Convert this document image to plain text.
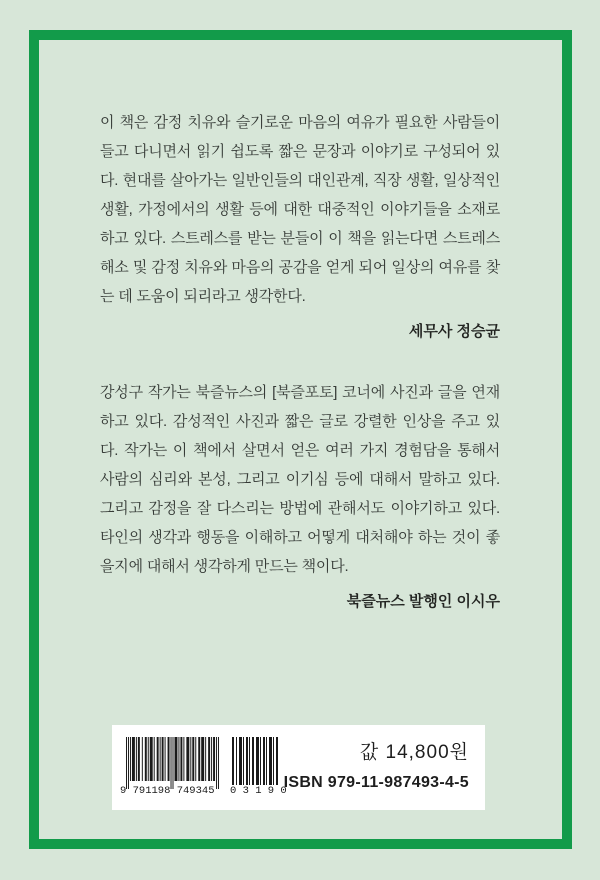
이 책은 감정 치유와 슬기로운 마음의 여유가 필요한 사람들이 들고 다니면서 읽기 쉽도록 짧은 문장과 이야기로 구성되어 있다. 현대를 살아가는 일반인들의 대인관계, 직장 생활, 일상적인 생활, 가정에서의 생활 등에 대한 대중적인 이야기들을 소재로 하고 있다. 스트레스를 받는 분들이 이 책을 읽는다면 스트레스 해소 및 감정 치유와 마음의 공감을 얻게 되어 일상의 여유를 찾는 데 도움이 되리라고 생각한다.

세무사 정승균

강성구 작가는 북즐뉴스의 [북즐포토] 코너에 사진과 글을 연재하고 있다. 감성적인 사진과 짧은 글로 강렬한 인상을 주고 있다. 작가는 이 책에서 살면서 얻은 여러 가지 경험담을 통해서 사람의 심리와 본성, 그리고 이기심 등에 대해서 말하고 있다. 그리고 감정을 잘 다스리는 방법에 관해서도 이야기하고 있다. 타인의 생각과 행동을 이해하고 어떻게 대처해야 하는 것이 좋을지에 대해서 생각하게 만드는 책이다.

북즐뉴스 발행인 이시우

9 791198 749345	0 3 1 9 0
값 14,800원
ISBN 979-11-987493-4-5
